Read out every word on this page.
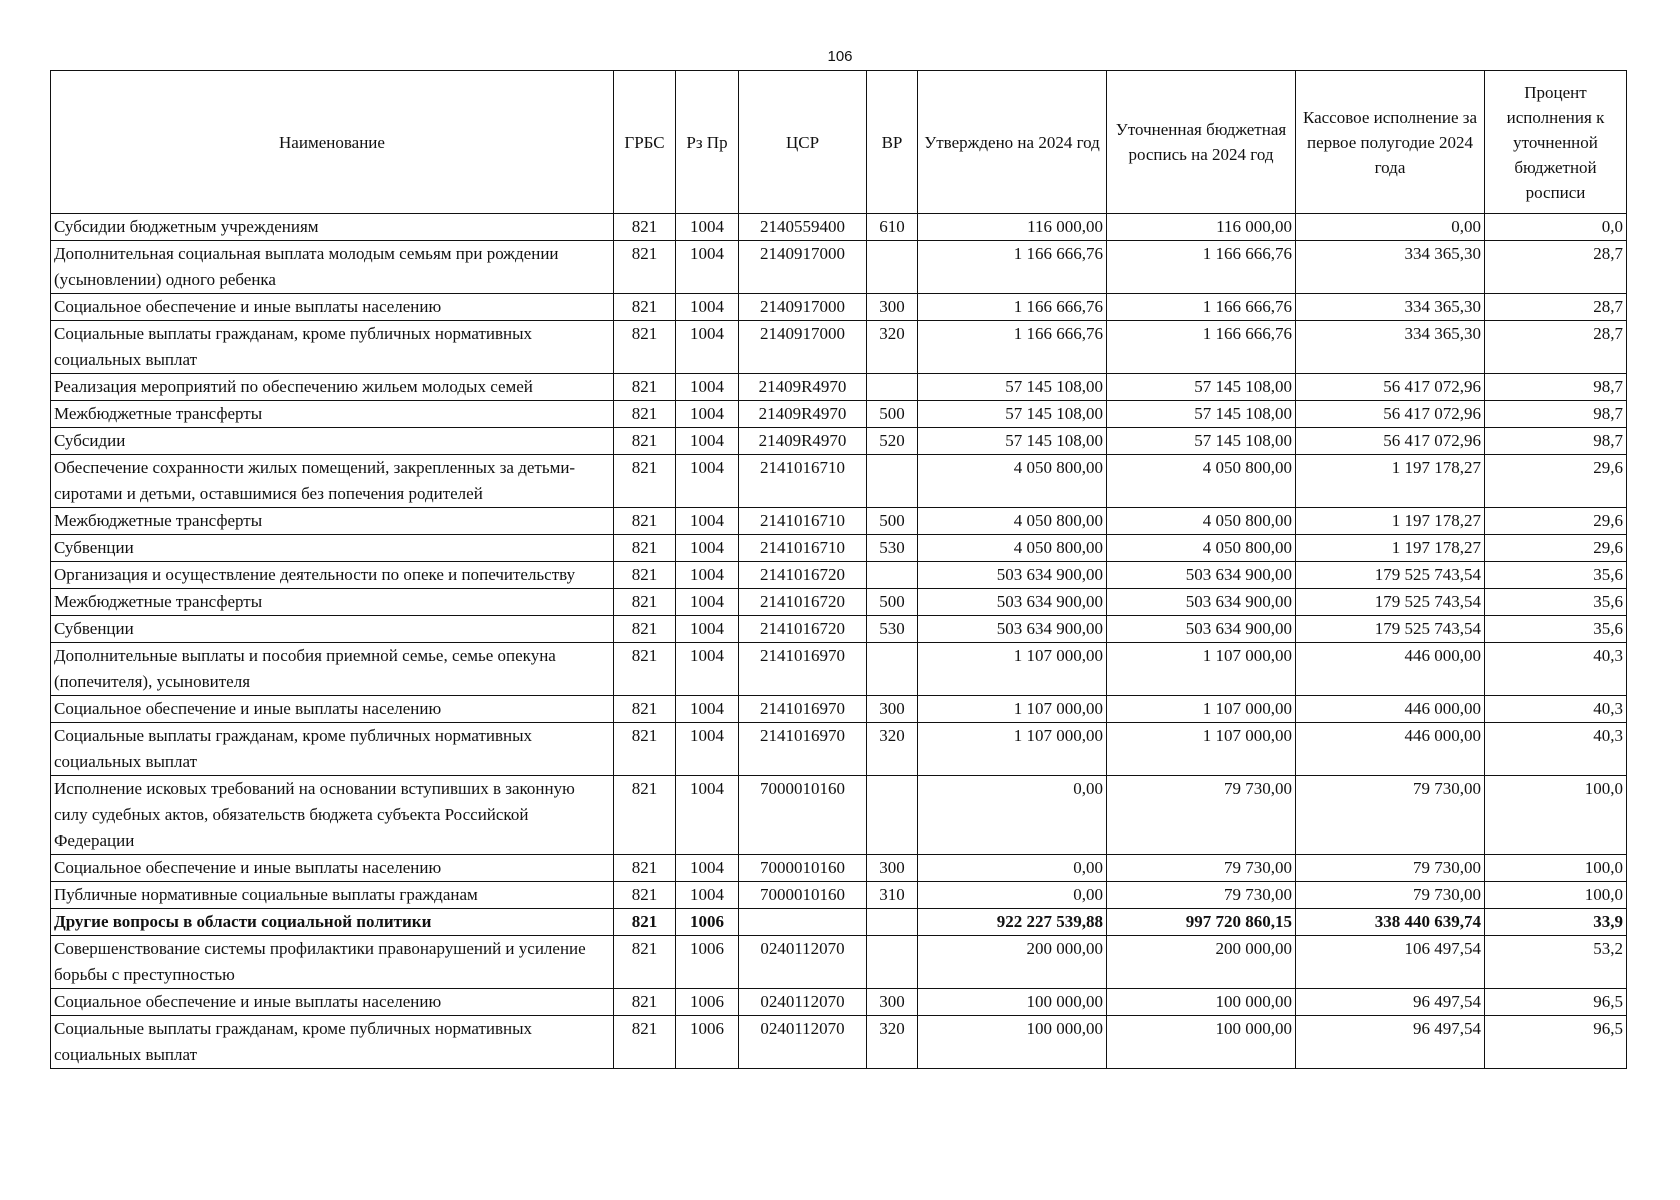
106
Наименование	ГРБС	Рз Пр	ЦСР	ВР	Утверждено на 2024 год	Уточненная бюджетная роспись на 2024 год	Кассовое исполнение за первое полугодие 2024 года	Процент исполнения к уточненной бюджетной росписи
Субсидии бюджетным учреждениям	821	1004	2140559400	610	116 000,00	116 000,00	0,00	0,0
Дополнительная социальная выплата молодым семьям при рождении (усыновлении) одного ребенка	821	1004	2140917000		1 166 666,76	1 166 666,76	334 365,30	28,7
Социальное обеспечение и иные выплаты населению	821	1004	2140917000	300	1 166 666,76	1 166 666,76	334 365,30	28,7
Социальные выплаты гражданам, кроме публичных нормативных социальных выплат	821	1004	2140917000	320	1 166 666,76	1 166 666,76	334 365,30	28,7
Реализация мероприятий по обеспечению жильем молодых семей	821	1004	21409R4970		57 145 108,00	57 145 108,00	56 417 072,96	98,7
Межбюджетные трансферты	821	1004	21409R4970	500	57 145 108,00	57 145 108,00	56 417 072,96	98,7
Субсидии	821	1004	21409R4970	520	57 145 108,00	57 145 108,00	56 417 072,96	98,7
Обеспечение сохранности жилых помещений, закрепленных за детьми-сиротами и детьми, оставшимися без попечения родителей	821	1004	2141016710		4 050 800,00	4 050 800,00	1 197 178,27	29,6
Межбюджетные трансферты	821	1004	2141016710	500	4 050 800,00	4 050 800,00	1 197 178,27	29,6
Субвенции	821	1004	2141016710	530	4 050 800,00	4 050 800,00	1 197 178,27	29,6
Организация и осуществление деятельности по опеке и попечительству	821	1004	2141016720		503 634 900,00	503 634 900,00	179 525 743,54	35,6
Межбюджетные трансферты	821	1004	2141016720	500	503 634 900,00	503 634 900,00	179 525 743,54	35,6
Субвенции	821	1004	2141016720	530	503 634 900,00	503 634 900,00	179 525 743,54	35,6
Дополнительные выплаты и пособия приемной семье, семье опекуна (попечителя), усыновителя	821	1004	2141016970		1 107 000,00	1 107 000,00	446 000,00	40,3
Социальное обеспечение и иные выплаты населению	821	1004	2141016970	300	1 107 000,00	1 107 000,00	446 000,00	40,3
Социальные выплаты гражданам, кроме публичных нормативных социальных выплат	821	1004	2141016970	320	1 107 000,00	1 107 000,00	446 000,00	40,3
Исполнение исковых требований на основании вступивших в законную силу судебных актов, обязательств бюджета субъекта Российской Федерации	821	1004	7000010160		0,00	79 730,00	79 730,00	100,0
Социальное обеспечение и иные выплаты населению	821	1004	7000010160	300	0,00	79 730,00	79 730,00	100,0
Публичные нормативные социальные выплаты гражданам	821	1004	7000010160	310	0,00	79 730,00	79 730,00	100,0
Другие вопросы в области социальной политики	821	1006			922 227 539,88	997 720 860,15	338 440 639,74	33,9
Совершенствование системы профилактики правонарушений и усиление борьбы с преступностью	821	1006	0240112070		200 000,00	200 000,00	106 497,54	53,2
Социальное обеспечение и иные выплаты населению	821	1006	0240112070	300	100 000,00	100 000,00	96 497,54	96,5
Социальные выплаты гражданам, кроме публичных нормативных социальных выплат	821	1006	0240112070	320	100 000,00	100 000,00	96 497,54	96,5
